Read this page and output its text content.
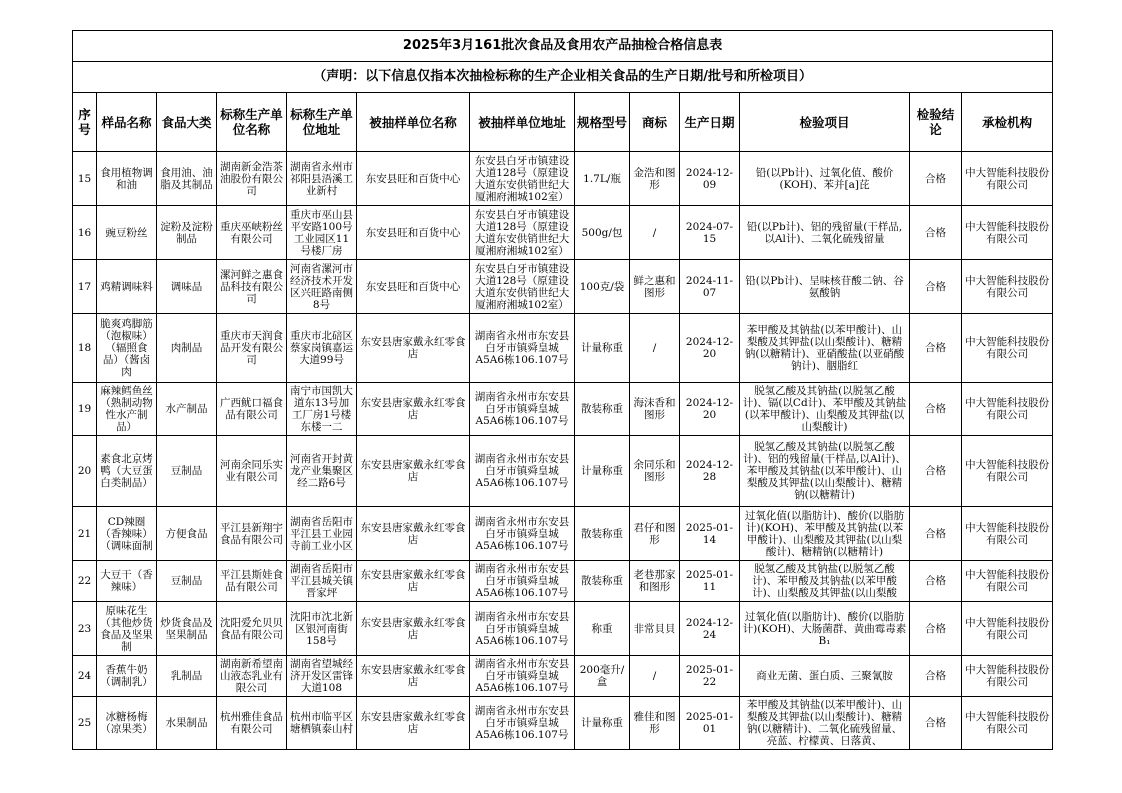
2025年3月161批次食品及食用农产品抽检合格信息表												
（声明：以下信息仅指本次抽检标称的生产企业相关食品的生产日期/批号和所检项目）												
序号	样品名称	食品大类	标称生产单位名称	标称生产单位地址	被抽样单位名称	被抽样单位地址	规格型号	商标	生产日期	检验项目	检验结论	承检机构

15	食用植物调和油	食用油、油脂及其制品	湖南新金浩茶油股份有限公司	湖南省永州市祁阳县浯溪工业新村	东安县旺和百货中心	东安县白牙市镇建设大道128号（原建设大道东安供销世纪大厦湘府湘城102室）	1.7L/瓶	金浩和图形	2024-12-09	铅(以Pb计)、过氧化值、酸价(KOH)、苯并[a]芘	合格	中大智能科技股份有限公司

16	豌豆粉丝	淀粉及淀粉制品	重庆巫峡粉丝有限公司	重庆市巫山县平安路100号工业园区11号楼厂房	东安县旺和百货中心	东安县白牙市镇建设大道128号（原建设大道东安供销世纪大厦湘府湘城102室）	500g/包	/	2024-07-15	铅(以Pb计)、铝的残留量(干样品,以Al计)、二氧化硫残留量	合格	中大智能科技股份有限公司

17	鸡精调味料	调味品	漯河鲜之惠食品科技有限公司	河南省漯河市经济技术开发区兴旺路南侧8号	东安县旺和百货中心	东安县白牙市镇建设大道128号（原建设大道东安供销世纪大厦湘府湘城102室）	100克/袋	鲜之惠和图形	2024-11-07	铅(以Pb计)、呈味核苷酸二钠、谷氨酸钠	合格	中大智能科技股份有限公司

18	脆爽鸡脚筋（泡椒味）（辐照食品）（酱卤肉	肉制品	重庆市天润食品开发有限公司	重庆市北碚区蔡家岗镇嘉运大道99号	东安县唐家戴永红零食店	湖南省永州市东安县白牙市镇舜皇城A5A6栋106.107号	计量称重	/	2024-12-20	苯甲酸及其钠盐(以苯甲酸计)、山梨酸及其钾盐(以山梨酸计)、糖精钠(以糖精计)、亚硝酸盐(以亚硝酸钠计)、胭脂红	合格	中大智能科技股份有限公司

19	麻辣鳕鱼丝（熟制动物性水产制品）	水产制品	广西鱿口福食品有限公司	南宁市国凯大道东13号加工厂房1号楼东楼一二	东安县唐家戴永红零食店	湖南省永州市东安县白牙市镇舜皇城A5A6栋106.107号	散装称重	海沫香和图形	2024-12-20	脱氢乙酸及其钠盐(以脱氢乙酸计)、镉(以Cd计)、苯甲酸及其钠盐(以苯甲酸计)、山梨酸及其钾盐(以山梨酸计)	合格	中大智能科技股份有限公司

20	素食北京烤鸭（大豆蛋白类制品）	豆制品	河南余同乐实业有限公司	河南省开封黄龙产业集聚区经二路6号	东安县唐家戴永红零食店	湖南省永州市东安县白牙市镇舜皇城A5A6栋106.107号	计量称重	余同乐和图形	2024-12-28	脱氢乙酸及其钠盐(以脱氢乙酸计)、铝的残留量(干样品,以Al计)、苯甲酸及其钠盐(以苯甲酸计)、山梨酸及其钾盐(以山梨酸计)、糖精钠(以糖精计)	合格	中大智能科技股份有限公司

21	CD辣圈（香辣味）（调味面制	方便食品	平江县新翔宇食品有限公司	湖南省岳阳市平江县工业园寺前工业小区	东安县唐家戴永红零食店	湖南省永州市东安县白牙市镇舜皇城A5A6栋106.107号	散装称重	君仔和图形	2025-01-14	过氧化值(以脂肪计)、酸价(以脂肪计)(KOH)、苯甲酸及其钠盐(以苯甲酸计)、山梨酸及其钾盐(以山梨酸计)、糖精钠(以糖精计)	合格	中大智能科技股份有限公司

22	大豆干（香辣味）	豆制品	平江县斯娃食品有限公司	湖南省岳阳市平江县城关镇晋家坪	东安县唐家戴永红零食店	湖南省永州市东安县白牙市镇舜皇城A5A6栋106.107号	散装称重	老巷那家和图形	2025-01-11	脱氢乙酸及其钠盐(以脱氢乙酸计)、苯甲酸及其钠盐(以苯甲酸计)、山梨酸及其钾盐(以山梨酸	合格	中大智能科技股份有限公司

23	原味花生（其他炒货食品及坚果制	炒货食品及坚果制品	沈阳爱允贝贝食品有限公司	沈阳市沈北新区银河南街158号	东安县唐家戴永红零食店	湖南省永州市东安县白牙市镇舜皇城A5A6栋106.107号	称重	非常貝貝	2024-12-24	过氧化值(以脂肪计)、酸价(以脂肪计)(KOH)、大肠菌群、黄曲霉毒素B₁	合格	中大智能科技股份有限公司

24	香蕉牛奶（调制乳）	乳制品	湖南新希望南山液态乳业有限公司	湖南省望城经济开发区雷锋大道108	东安县唐家戴永红零食店	湖南省永州市东安县白牙市镇舜皇城A5A6栋106.107号	200毫升/盒	/	2025-01-22	商业无菌、蛋白质、三聚氰胺	合格	中大智能科技股份有限公司

25	冰糖杨梅（凉果类）	水果制品	杭州雅佳食品有限公司	杭州市临平区塘栖镇泰山村	东安县唐家戴永红零食店	湖南省永州市东安县白牙市镇舜皇城A5A6栋106.107号	计量称重	雅佳和图形	2025-01-01	苯甲酸及其钠盐(以苯甲酸计)、山梨酸及其钾盐(以山梨酸计)、糖精钠(以糖精计)、二氧化硫残留量、亮蓝、柠檬黄、日落黄、	合格	中大智能科技股份有限公司
